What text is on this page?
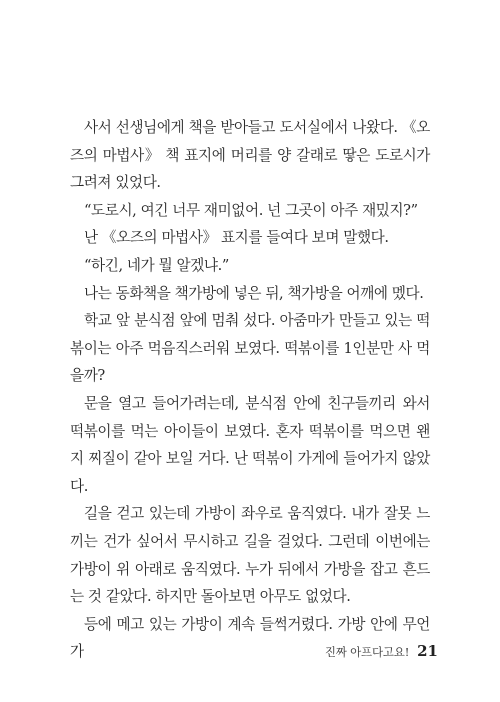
사서 선생님에게 책을 받아들고 도서실에서 나왔다. 《오즈의 마법사》 책 표지에 머리를 양 갈래로 땋은 도로시가 그려져 있었다.

“도로시, 여긴 너무 재미없어. 넌 그곳이 아주 재밌지?”

난 《오즈의 마법사》 표지를 들여다 보며 말했다.

“하긴, 네가 뭘 알겠냐.”

나는 동화책을 책가방에 넣은 뒤, 책가방을 어깨에 멨다.

학교 앞 분식점 앞에 멈춰 섰다. 아줌마가 만들고 있는 떡볶이는 아주 먹음직스러워 보였다. 떡볶이를 1인분만 사 먹을까?

문을 열고 들어가려는데, 분식점 안에 친구들끼리 와서 떡볶이를 먹는 아이들이 보였다. 혼자 떡볶이를 먹으면 왠지 찌질이 같아 보일 거다. 난 떡볶이 가게에 들어가지 않았다.

길을 걷고 있는데 가방이 좌우로 움직였다. 내가 잘못 느끼는 건가 싶어서 무시하고 길을 걸었다. 그런데 이번에는 가방이 위 아래로 움직였다. 누가 뒤에서 가방을 잡고 흔드는 것 같았다. 하지만 돌아보면 아무도 없었다.

등에 메고 있는 가방이 계속 들썩거렸다. 가방 안에 무언가	진짜 아프다고요! 21
